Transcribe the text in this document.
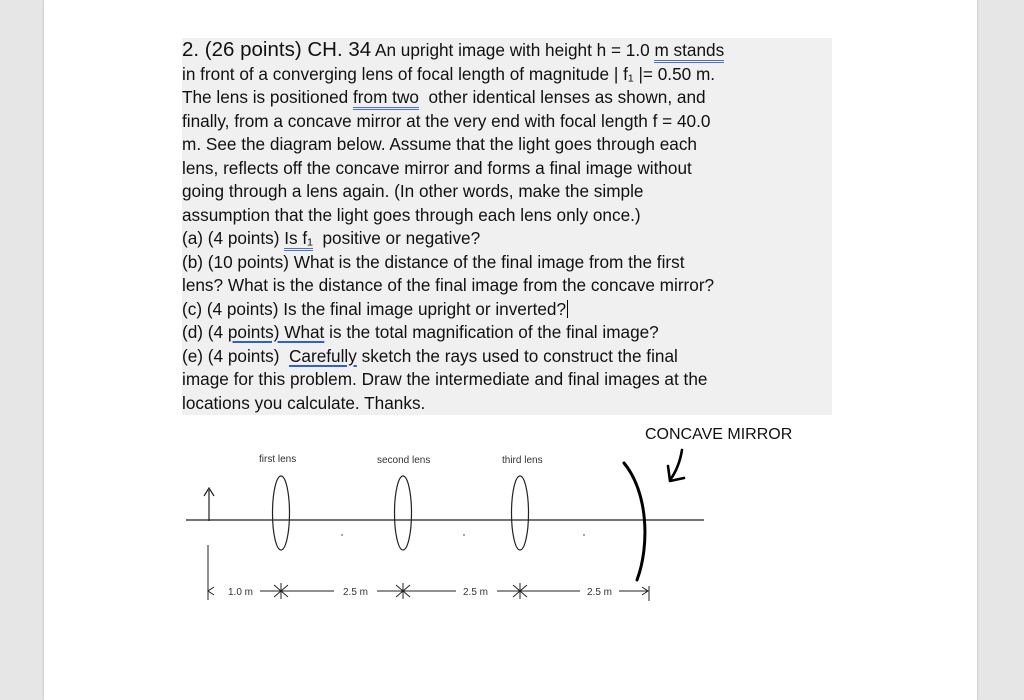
2. (26 points) CH. 34 An upright image with height h = 1.0 m stands
in front of a converging lens of focal length of magnitude | f₁ |= 0.50 m.
The lens is positioned from two other identical lenses as shown, and
finally, from a concave mirror at the very end with focal length f = 40.0
m. See the diagram below. Assume that the light goes through each
lens, reflects off the concave mirror and forms a final image without
going through a lens again. (In other words, make the simple
assumption that the light goes through each lens only once.)
(a) (4 points) Is f₁ positive or negative?
(b) (10 points) What is the distance of the final image from the first
lens? What is the distance of the final image from the concave mirror?
(c) (4 points) Is the final image upright or inverted?
(d) (4 points) What is the total magnification of the final image?
(e) (4 points) Carefully sketch the rays used to construct the final
image for this problem. Draw the intermediate and final images at the
locations you calculate. Thanks.
CONCAVE MIRROR
first lens	second lens	third lens
1.0 m	2.5 m	2.5 m	2.5 m
